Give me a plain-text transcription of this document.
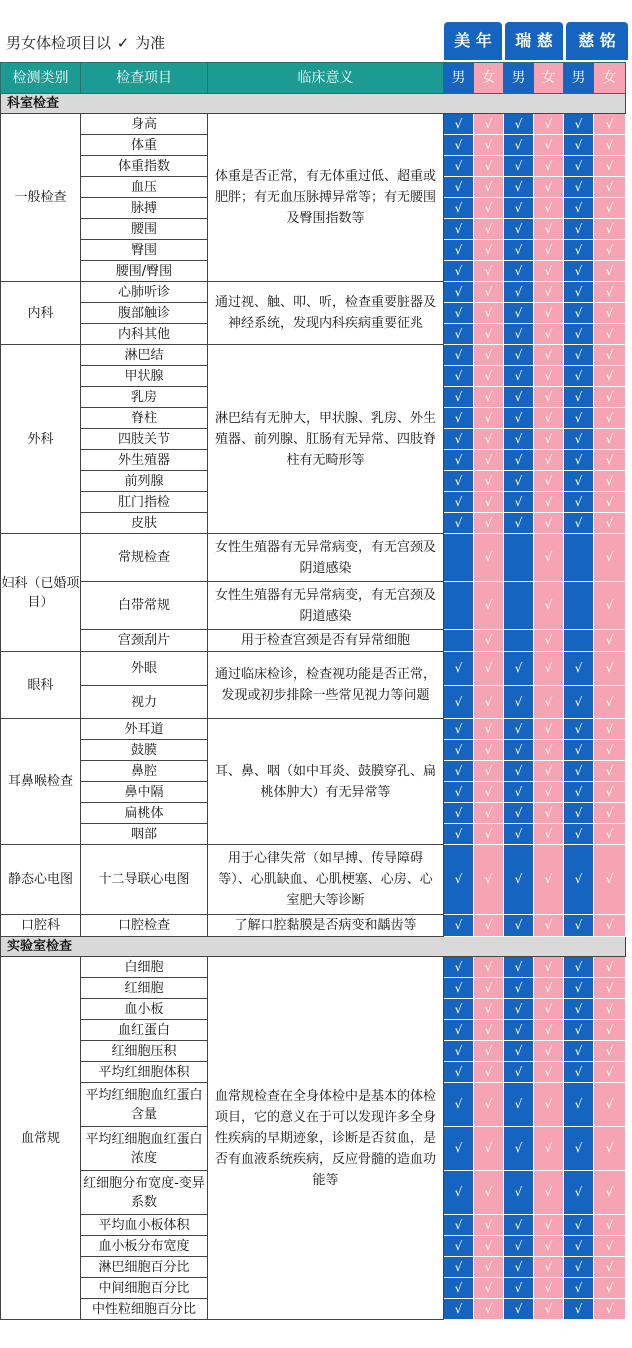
男女体检项目以 ✓ 为准	美 年	瑞 慈	慈 铭
检测类别	检查项目	临床意义	男	女	男	女	男	女
科室检查								
一般检查	身高	体重是否正常，有无体重过低、超重或肥胖；有无血压脉搏异常等；有无腰围及臀围指数等	√	√	√	√	√	√
	体重		√	√	√	√	√	√
	体重指数		√	√	√	√	√	√
	血压		√	√	√	√	√	√
	脉搏		√	√	√	√	√	√
	腰围		√	√	√	√	√	√
	臀围		√	√	√	√	√	√
	腰围/臀围		√	√	√	√	√	√
内科	心肺听诊	通过视、触、叩、听，检查重要脏器及神经系统，发现内科疾病重要征兆	√	√	√	√	√	√
	腹部触诊		√	√	√	√	√	√
	内科其他		√	√	√	√	√	√
外科	淋巴结	淋巴结有无肿大，甲状腺、乳房、外生殖器、前列腺、肛肠有无异常、四肢脊柱有无畸形等	√	√	√	√	√	√
	甲状腺		√	√	√	√	√	√
	乳房		√	√	√	√	√	√
	脊柱		√	√	√	√	√	√
	四肢关节		√	√	√	√	√	√
	外生殖器		√	√	√	√	√	√
	前列腺		√	√	√	√	√	√
	肛门指检		√	√	√	√	√	√
	皮肤		√	√	√	√	√	√
妇科（已婚项目）	常规检查	女性生殖器有无异常病变，有无宫颈及阴道感染		√		√		√
	白带常规	女性生殖器有无异常病变，有无宫颈及阴道感染		√		√		√
	宫颈刮片	用于检查宫颈是否有异常细胞		√		√		√
眼科	外眼	通过临床检诊，检查视功能是否正常，发现或初步排除一些常见视力等问题	√	√	√	√	√	√
	视力		√	√	√	√	√	√
耳鼻喉检查	外耳道	耳、鼻、咽（如中耳炎、鼓膜穿孔、扁桃体肿大）有无异常等	√	√	√	√	√	√
	鼓膜		√	√	√	√	√	√
	鼻腔		√	√	√	√	√	√
	鼻中隔		√	√	√	√	√	√
	扁桃体		√	√	√	√	√	√
	咽部		√	√	√	√	√	√
静态心电图	十二导联心电图	用于心律失常（如早搏、传导障碍等）、心肌缺血、心肌梗塞、心房、心室肥大等诊断	√	√	√	√	√	√
口腔科	口腔检查	了解口腔黏膜是否病变和龋齿等	√	√	√	√	√	√
实验室检查								
血常规	白细胞	血常规检查在全身体检中是基本的体检项目，它的意义在于可以发现许多全身性疾病的早期迹象，诊断是否贫血，是否有血液系统疾病，反应骨髓的造血功能等	√	√	√	√	√	√
	红细胞		√	√	√	√	√	√
	血小板		√	√	√	√	√	√
	血红蛋白		√	√	√	√	√	√
	红细胞压积		√	√	√	√	√	√
	平均红细胞体积		√	√	√	√	√	√
	平均红细胞血红蛋白含量		√	√	√	√	√	√
	平均红细胞血红蛋白浓度		√	√	√	√	√	√
	红细胞分布宽度-变异系数		√	√	√	√	√	√
	平均血小板体积		√	√	√	√	√	√
	血小板分布宽度		√	√	√	√	√	√
	淋巴细胞百分比		√	√	√	√	√	√
	中间细胞百分比		√	√	√	√	√	√
	中性粒细胞百分比		√	√	√	√	√	√
